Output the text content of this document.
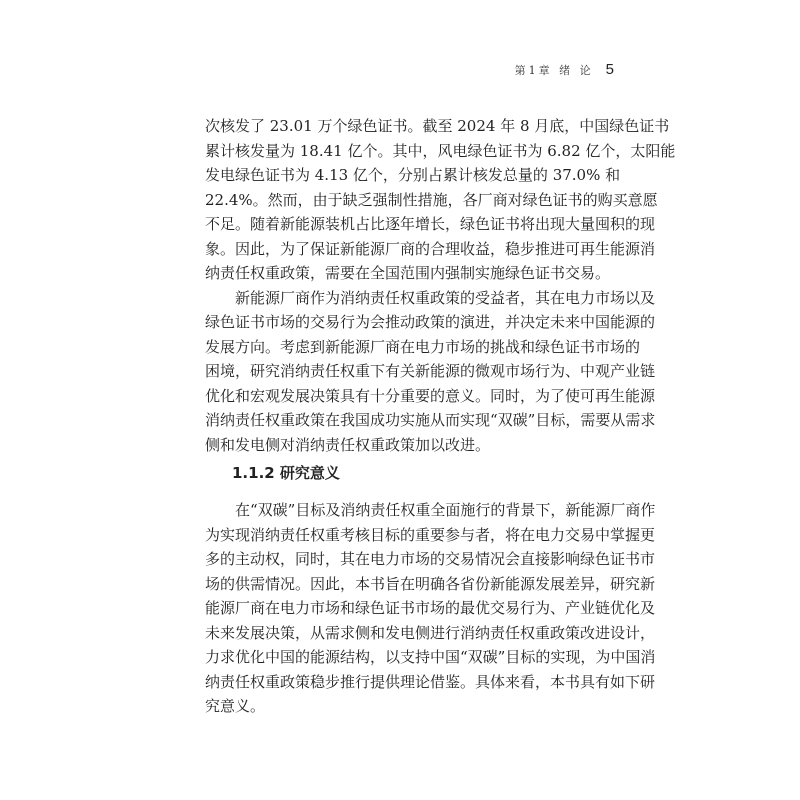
第1章 绪 论 5
次核发了 23.01 万个绿色证书。截至 2024 年 8 月底，中国绿色证书
累计核发量为 18.41 亿个。其中，风电绿色证书为 6.82 亿个，太阳能
发电绿色证书为 4.13 亿个，分别占累计核发总量的 37.0% 和
22.4%。然而，由于缺乏强制性措施，各厂商对绿色证书的购买意愿
不足。随着新能源装机占比逐年增长，绿色证书将出现大量囤积的现
象。因此，为了保证新能源厂商的合理收益，稳步推进可再生能源消
纳责任权重政策，需要在全国范围内强制实施绿色证书交易。
新能源厂商作为消纳责任权重政策的受益者，其在电力市场以及
绿色证书市场的交易行为会推动政策的演进，并决定未来中国能源的
发展方向。考虑到新能源厂商在电力市场的挑战和绿色证书市场的
困境，研究消纳责任权重下有关新能源的微观市场行为、中观产业链
优化和宏观发展决策具有十分重要的意义。同时，为了使可再生能源
消纳责任权重政策在我国成功实施从而实现“双碳”目标，需要从需求
侧和发电侧对消纳责任权重政策加以改进。
1.1.2 研究意义
在“双碳”目标及消纳责任权重全面施行的背景下，新能源厂商作
为实现消纳责任权重考核目标的重要参与者，将在电力交易中掌握更
多的主动权，同时，其在电力市场的交易情况会直接影响绿色证书市
场的供需情况。因此，本书旨在明确各省份新能源发展差异，研究新
能源厂商在电力市场和绿色证书市场的最优交易行为、产业链优化及
未来发展决策，从需求侧和发电侧进行消纳责任权重政策改进设计，
力求优化中国的能源结构，以支持中国“双碳”目标的实现，为中国消
纳责任权重政策稳步推行提供理论借鉴。具体来看，本书具有如下研
究意义。
